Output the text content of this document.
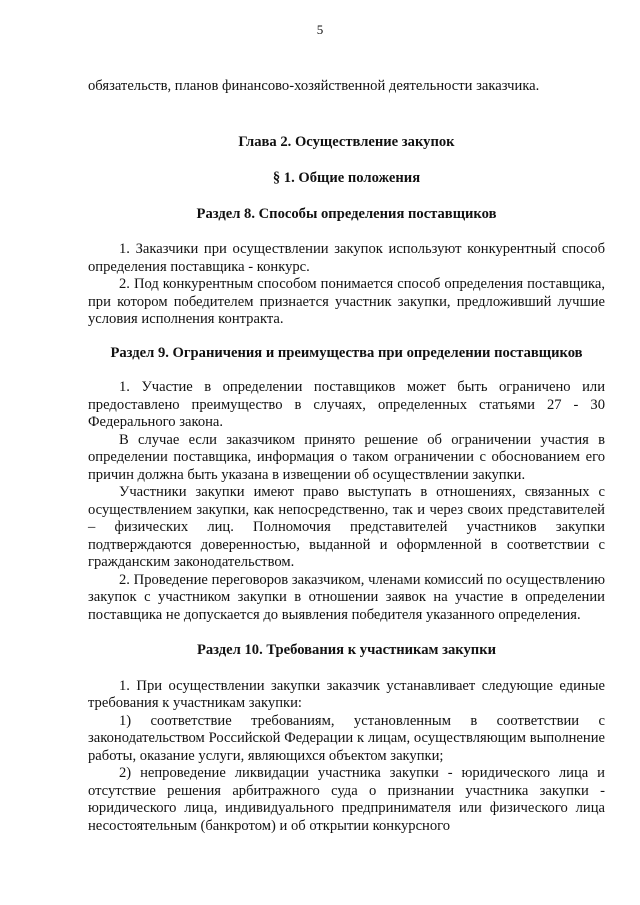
5

обязательств, планов финансово-хозяйственной деятельности заказчика.

Глава 2. Осуществление закупок
§ 1. Общие положения
Раздел 8. Способы определения поставщиков

1. Заказчики при осуществлении закупок используют конкурентный способ определения поставщика - конкурс.

2. Под конкурентным способом понимается способ определения поставщика, при котором победителем признается участник закупки, предложивший лучшие условия исполнения контракта.

Раздел 9. Ограничения и преимущества при определении поставщиков

1. Участие в определении поставщиков может быть ограничено или предоставлено преимущество в случаях, определенных статьями 27 - 30 Федерального закона.

В случае если заказчиком принято решение об ограничении участия в определении поставщика, информация о таком ограничении с обоснованием его причин должна быть указана в извещении об осуществлении закупки.

Участники закупки имеют право выступать в отношениях, связанных с осуществлением закупки, как непосредственно, так и через своих представителей – физических лиц. Полномочия представителей участников закупки подтверждаются доверенностью, выданной и оформленной в соответствии с гражданским законодательством.

2. Проведение переговоров заказчиком, членами комиссий по осуществлению закупок с участником закупки в отношении заявок на участие в определении поставщика не допускается до выявления победителя указанного определения.

Раздел 10. Требования к участникам закупки

1. При осуществлении закупки заказчик устанавливает следующие единые требования к участникам закупки:

1) соответствие требованиям, установленным в соответствии с законодательством Российской Федерации к лицам, осуществляющим выполнение работы, оказание услуги, являющихся объектом закупки;

2) непроведение ликвидации участника закупки - юридического лица и отсутствие решения арбитражного суда о признании участника закупки - юридического лица, индивидуального предпринимателя или физического лица несостоятельным (банкротом) и об открытии конкурсного
